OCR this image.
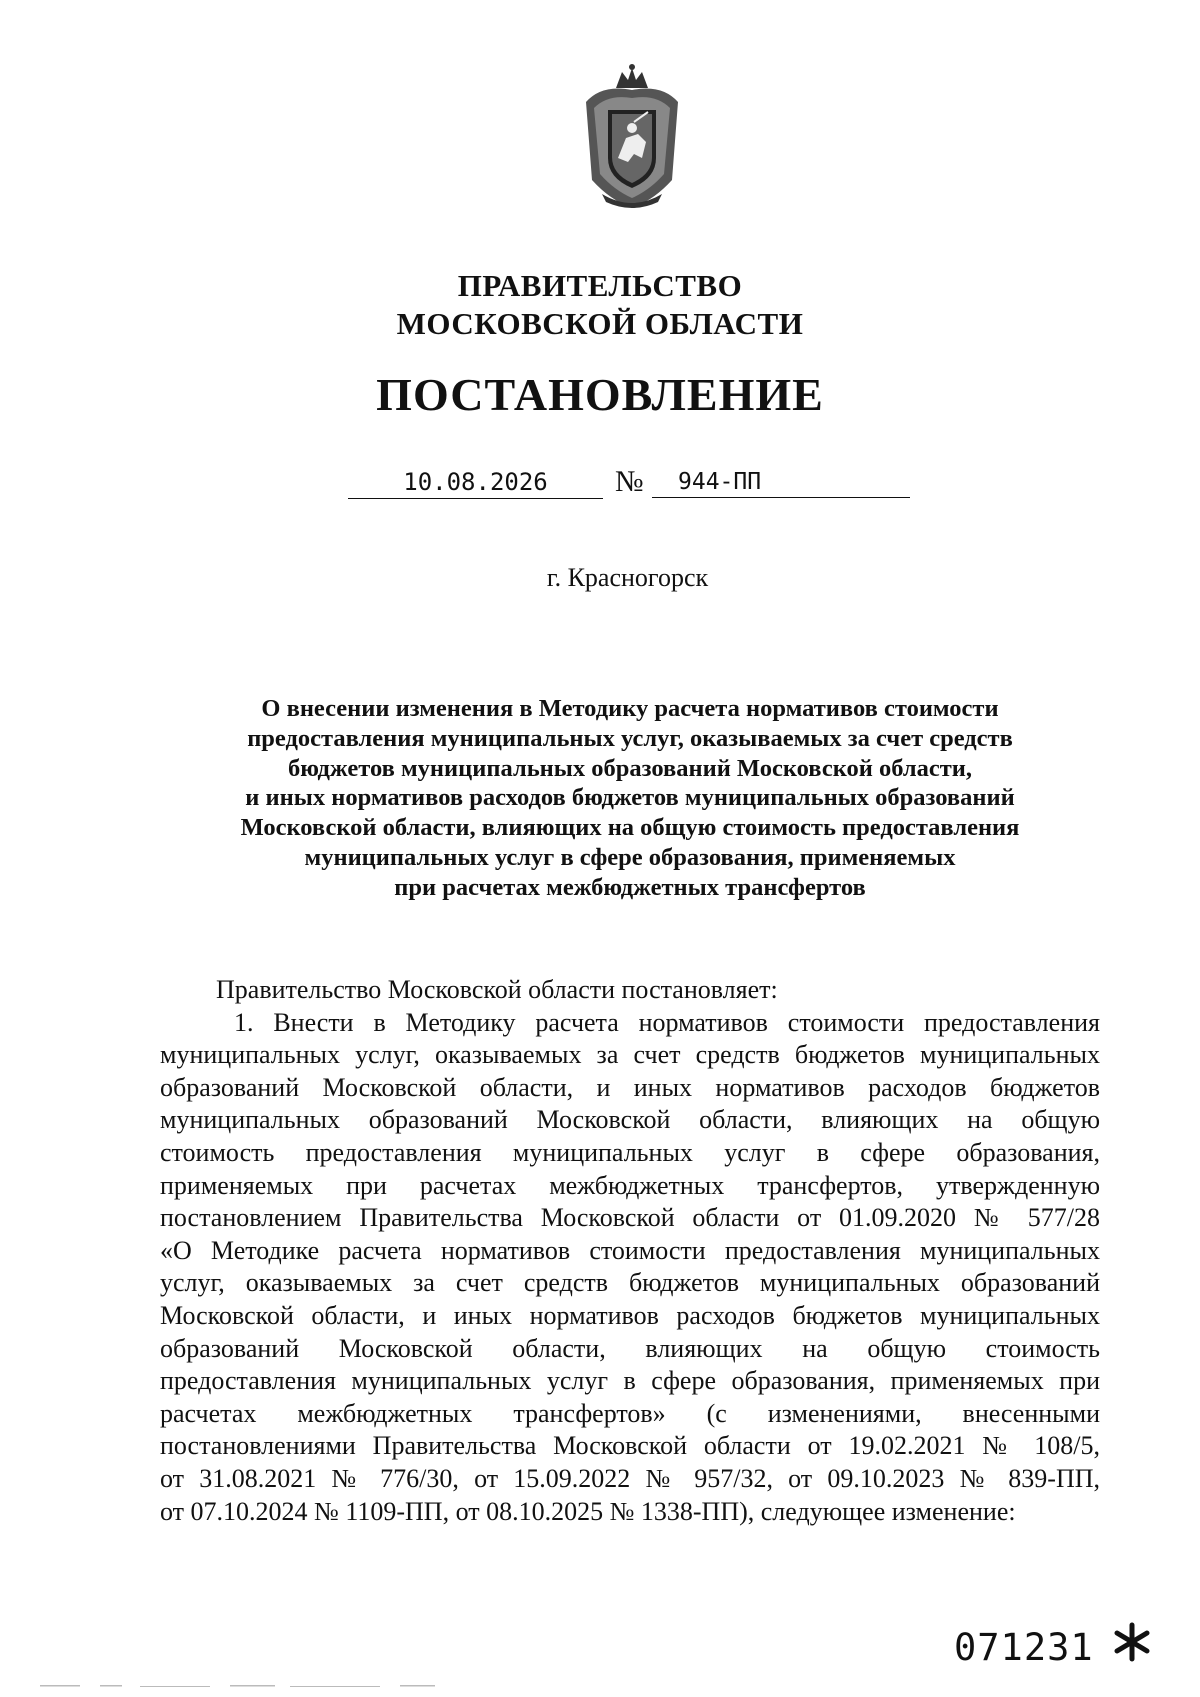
ПРАВИТЕЛЬСТВО
МОСКОВСКОЙ ОБЛАСТИ
ПОСТАНОВЛЕНИЕ
10.08.2026	№	944-ПП
г. Красногорск
О внесении изменения в Методику расчета нормативов стоимости
предоставления муниципальных услуг, оказываемых за счет средств
бюджетов муниципальных образований Московской области,
и иных нормативов расходов бюджетов муниципальных образований
Московской области, влияющих на общую стоимость предоставления
муниципальных услуг в сфере образования, применяемых
при расчетах межбюджетных трансфертов
Правительство Московской области постановляет:
1. Внести в Методику расчета нормативов стоимости предоставления
муниципальных услуг, оказываемых за счет средств бюджетов муниципальных
образований Московской области, и иных нормативов расходов бюджетов
муниципальных образований Московской области, влияющих на общую
стоимость предоставления муниципальных услуг в сфере образования,
применяемых при расчетах межбюджетных трансфертов, утвержденную
постановлением Правительства Московской области от 01.09.2020 № 577/28
«О Методике расчета нормативов стоимости предоставления муниципальных
услуг, оказываемых за счет средств бюджетов муниципальных образований
Московской области, и иных нормативов расходов бюджетов муниципальных
образований Московской области, влияющих на общую стоимость
предоставления муниципальных услуг в сфере образования, применяемых при
расчетах межбюджетных трансфертов» (с изменениями, внесенными
постановлениями Правительства Московской области от 19.02.2021 № 108/5,
от 31.08.2021 № 776/30, от 15.09.2022 № 957/32, от 09.10.2023 № 839-ПП,
от 07.10.2024 № 1109-ПП, от 08.10.2025 № 1338-ПП), следующее изменение:
071231
